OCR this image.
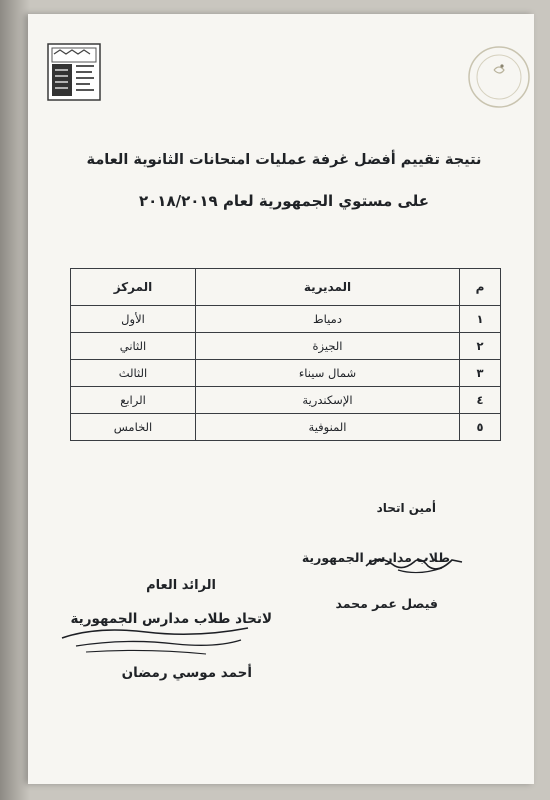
نتيجة تقييم أفضل غرفة عمليات امتحانات الثانوية العامة
على مستوي الجمهورية لعام ٢٠١٨/٢٠١٩
م	المديرية	المركز
١	دمياط	الأول
٢	الجيزة	الثاني
٣	شمال سيناء	الثالث
٤	الإسكندرية	الرابع
٥	المنوفية	الخامس
أمين اتحاد
طلاب مدارس الجمهورية
فيصل عمر محمد
الرائد العام
لاتحاد طلاب مدارس الجمهورية
أحمد موسي رمضان
